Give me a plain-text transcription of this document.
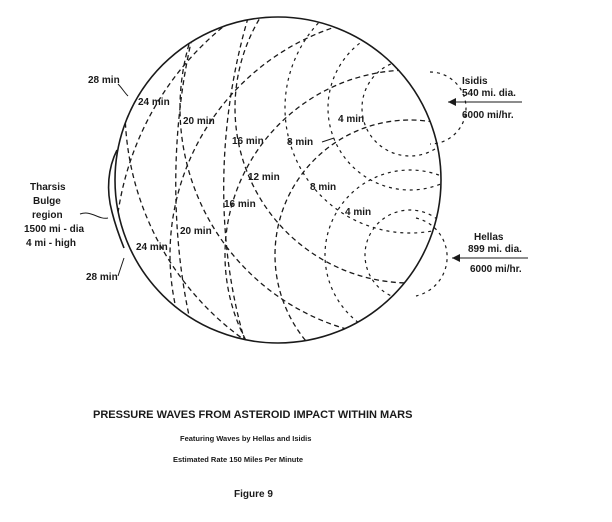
Isidis
540 mi. dia.
6000 mi/hr.
Hellas
899 mi. dia.
6000 mi/hr.
Tharsis
Bulge
region
1500 mi - dia
4 mi - high
28 min
24 min
20 min
16 min 8 min
4 min
12 min
16 min
8 min
4 min
20 min
24 min
28 min
PRESSURE WAVES FROM ASTEROID IMPACT WITHIN MARS
Featuring Waves by Hellas and Isidis
Estimated Rate 150 Miles Per Minute
Figure 9
